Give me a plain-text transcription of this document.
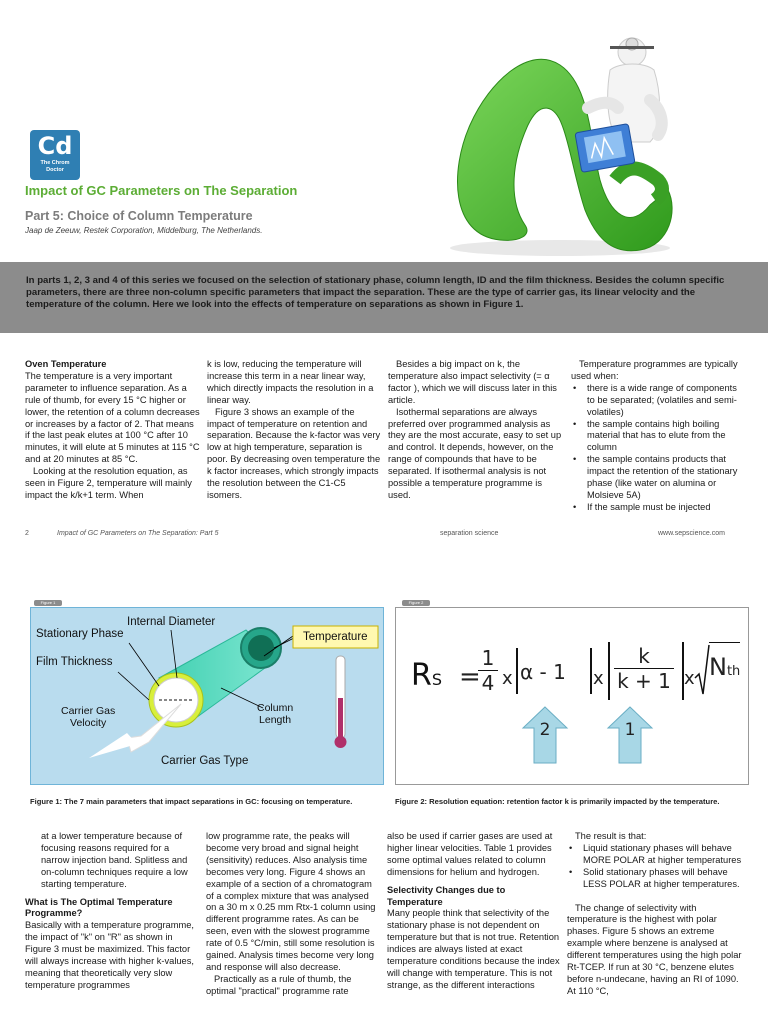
Cd
The Chrom
Doctor
Impact of GC Parameters on The Separation
Part 5: Choice of Column Temperature
Jaap de Zeeuw, Restek Corporation, Middelburg, The Netherlands.

In parts 1, 2, 3 and 4 of this series we focused on the selection of stationary phase, column length, ID and the film thickness. Besides the column specific parameters, there are three non-column specific parameters that impact the separation. These are the type of carrier gas, its linear velocity and the temperature of the column. Here we look into the effects of temperature on separations as shown in Figure 1.

Oven Temperature

The temperature is a very important parameter to influence separation. As a rule of thumb, for every 15 °C higher or lower, the retention of a column decreases or increases by a factor of 2. That means if the last peak elutes at 100 °C after 10 minutes, it will elute at 5 minutes at 115 °C and at 20 minutes at 85 °C.

Looking at the resolution equation, as seen in Figure 2, temperature will mainly impact the k/k+1 term. When

k is low, reducing the temperature will increase this term in a near linear way, which directly impacts the resolution in a linear way.

Figure 3 shows an example of the impact of temperature on retention and separation. Because the k-factor was very low at high temperature, separation is poor. By decreasing oven temperature the k factor increases, which strongly impacts the resolution between the C1-C5 isomers.

Besides a big impact on k, the temperature also impact selectivity (= α factor ), which we will discuss later in this article.

Isothermal separations are always preferred over programmed analysis as they are the most accurate, easy to set up and control. It depends, however, on the range of compounds that have to be separated. If isothermal analysis is not possible a temperature programme is used.

Temperature programmes are typically used when:

• there is a wide range of components to be separated; (volatiles and semi-volatiles)
• the sample contains high boiling material that has to elute from the column
• the sample contains products that impact the retention of the stationary phase (like water on alumina or Molsieve 5A)
• If the sample must be injected
2	Impact of GC Parameters on The Separation: Part 5	separation science	www.sepscience.com
Figure 1
Internal Diameter
Stationary Phase
Film Thickness
Carrier Gas
Velocity
Column
Length
Temperature
Carrier Gas Type
Figure 2
RS =
1
4 x α - 1 x
k
k + 1 x Nth
2	1
Figure 1: The 7 main parameters that impact separations in GC: focusing on temperature.	Figure 2: Resolution equation: retention factor k is primarily impacted by the temperature.

at a lower temperature because of focusing reasons required for a narrow injection band. Splitless and on-column techniques require a low starting temperature.

What is The Optimal Temperature Programme?

Basically with a temperature programme, the impact of "k" on "R" as shown in Figure 3 must be maximized. This factor will always increase with higher k-values, meaning that theoretically very slow temperature programmes

low programme rate, the peaks will become very broad and signal height (sensitivity) reduces. Also analysis time becomes very long. Figure 4 shows an example of a section of a chromatogram of a complex mixture that was analysed on a 30 m x 0.25 mm Rtx-1 column using different programme rates. As can be seen, even with the slowest programme rate of 0.5 °C/min, still some resolution is gained. Analysis times become very long and response will also decrease.

Practically as a rule of thumb, the optimal "practical" programme rate

also be used if carrier gases are used at higher linear velocities. Table 1 provides some optimal values related to column dimensions for helium and hydrogen.

Selectivity Changes due to Temperature

Many people think that selectivity of the stationary phase is not dependent on temperature but that is not true. Retention indices are always listed at exact temperature conditions because the index will change with temperature. This is not strange, as the different interactions

The result is that:

• Liquid stationary phases will behave MORE POLAR at higher temperatures
• Solid stationary phases will behave LESS POLAR at higher temperatures.

The change of selectivity with temperature is the highest with polar phases. Figure 5 shows an extreme example where benzene is analysed at different temperatures using the high polar Rt-TCEP. If run at 30 °C, benzene elutes before n-undecane, having an RI of 1090. At 110 °C,
